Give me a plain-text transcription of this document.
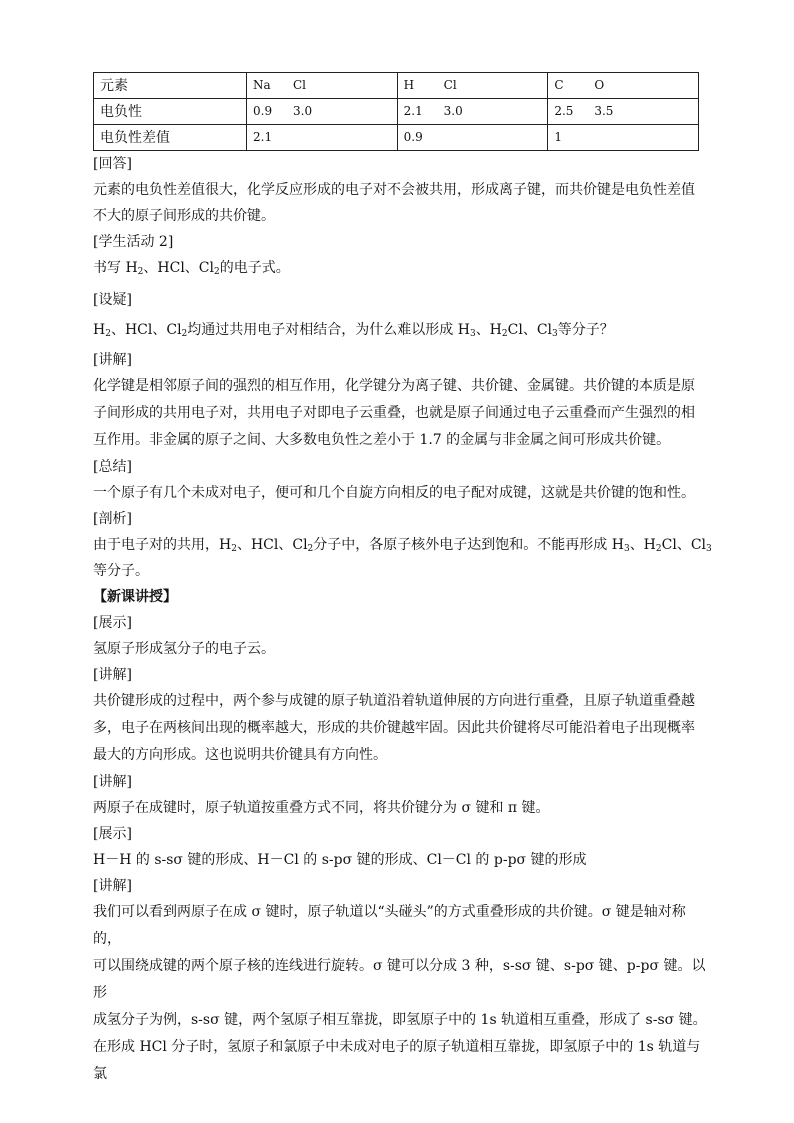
元素	Na Cl	H Cl	C O
电负性	0.9 3.0	2.1 3.0	2.5 3.5
电负性差值	2.1	0.9	1
[回答]
元素的电负性差值很大，化学反应形成的电子对不会被共用，形成离子键，而共价键是电负性差值
不大的原子间形成的共价键。
[学生活动 2]
书写 $H_2$、HCl、$Cl_2$的电子式。
[设疑]
$H_2$、HCl、$Cl_2$均通过共用电子对相结合，为什么难以形成 $H_3$、$H_2Cl$、$Cl_3$等分子？
[讲解]
化学键是相邻原子间的强烈的相互作用，化学键分为离子键、共价键、金属键。共价键的本质是原
子间形成的共用电子对，共用电子对即电子云重叠，也就是原子间通过电子云重叠而产生强烈的相
互作用。非金属的原子之间、大多数电负性之差小于 1.7 的金属与非金属之间可形成共价键。
[总结]
一个原子有几个未成对电子，便可和几个自旋方向相反的电子配对成键，这就是共价键的饱和性。
[剖析]
由于电子对的共用，$H_2$、HCl、$Cl_2$分子中，各原子核外电子达到饱和。不能再形成 $H_3$、$H_2Cl$、$Cl_3$
等分子。
【新课讲授】
[展示]
氢原子形成氢分子的电子云。
[讲解]
共价键形成的过程中，两个参与成键的原子轨道沿着轨道伸展的方向进行重叠，且原子轨道重叠越
多，电子在两核间出现的概率越大，形成的共价键越牢固。因此共价键将尽可能沿着电子出现概率
最大的方向形成。这也说明共价键具有方向性。
[讲解]
两原子在成键时，原子轨道按重叠方式不同，将共价键分为 σ 键和 π 键。
[展示]
H－H 的 s-sσ 键的形成、H－Cl 的 s-pσ 键的形成、Cl－Cl 的 p-pσ 键的形成
[讲解]
我们可以看到两原子在成 σ 键时，原子轨道以“头碰头”的方式重叠形成的共价键。σ 键是轴对称的，
可以围绕成键的两个原子核的连线进行旋转。σ 键可以分成 3 种，s-sσ 键、s-pσ 键、p-pσ 键。以形
成氢分子为例，s-sσ 键，两个氢原子相互靠拢，即氢原子中的 1s 轨道相互重叠，形成了 s-sσ 键。
在形成 HCl 分子时，氢原子和氯原子中未成对电子的原子轨道相互靠拢，即氢原子中的 1s 轨道与氯
